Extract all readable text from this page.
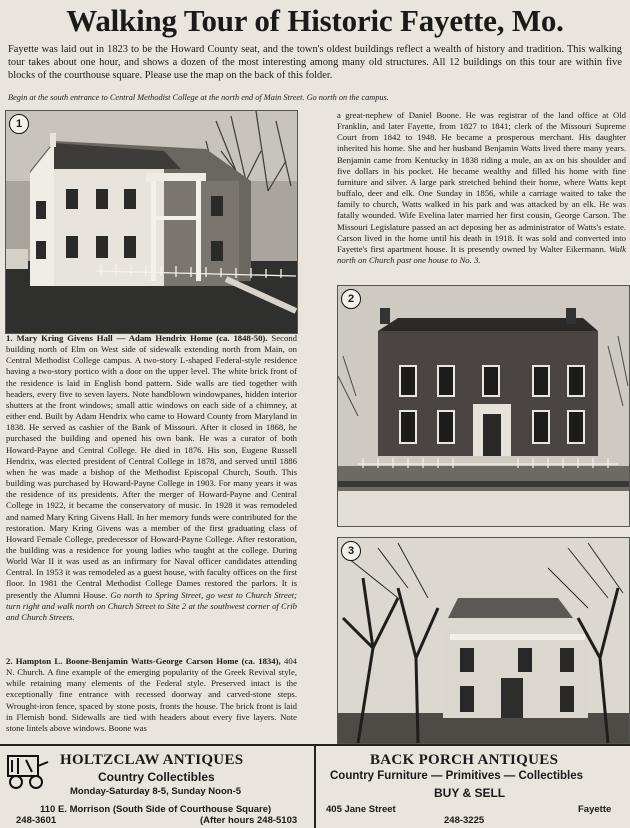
Walking Tour of Historic Fayette, Mo.

Fayette was laid out in 1823 to be the Howard County seat, and the town's oldest buildings reflect a wealth of history and tradition. This walking tour takes about one hour, and shows a dozen of the most interesting among many old structures. All 12 buildings on this tour are within five blocks of the courthouse square. Please use the map on the back of this folder.

Begin at the south entrance to Central Methodist College at the north end of Main Street. Go north on the campus.

1
2
3
1. Mary Kring Givens Hall — Adam Hendrix Home (ca. 1848-50). Second building north of Elm on West side of sidewalk extending north from Main, on Central Methodist College campus. A two-story L-shaped Federal-style residence having a two-story portico with a door on the upper level. The white brick front of the residence is laid in English bond pattern. Side walls are tied together with headers, every five to seven layers. Note handblown windowpanes, hidden interior shutters at the front windows; small attic windows on each side of a chimney, at either end. Built by Adam Hendrix who came to Howard County from Maryland in 1838. He served as cashier of the Bank of Missouri. After it closed in 1868, he purchased the building and opened his own bank. He was a curator of both Howard-Payne and Central College. He died in 1876. His son, Eugene Russell Hendrix, was elected president of Central College in 1878, and served until 1886 when he was made a bishop of the Methodist Episcopal Church, South. This building was purchased by Howard-Payne College in 1903. For many years it was the residence of its presidents. After the merger of Howard-Payne and Central College in 1922, it became the conservatory of music. In 1928 it was remodeled and named Mary Kring Givens Hall. In her memory funds were contributed for the restoration. Mary Kring Givens was a member of the first graduating class of Howard Female College, predecessor of Howard-Payne College. After restoration, the building was a residence for young ladies who taught at the college. During World War II it was used as an infirmary for Naval officer candidates attending Central. In 1953 it was remodeled as a guest house, with faculty offices on the first floor. In 1981 the Central Methodist College Dames restored the parlors. It is presently the Alumni House. Go north to Spring Street, go west to Church Street; turn right and walk north on Church Street to Site 2 at the southwest corner of Crib and Church Streets.
2. Hampton L. Boone-Benjamin Watts-George Carson Home (ca. 1834), 404 N. Church. A fine example of the emerging popularity of the Greek Revival style, while retaining many elements of the Federal style. Preserved intact is the exceptionally fine entrance with recessed doorway and carved-stone steps. Wrought-iron fence, spaced by stone posts, fronts the house. The brick front is laid in Flemish bond. Sidewalls are tied with headers about every five layers. Note stone lintels above windows. Boone was
a great-nephew of Daniel Boone. He was registrar of the land office at Old Franklin, and later Fayette, from 1827 to 1841; clerk of the Missouri Supreme Court from 1842 to 1948. He became a prosperous merchant. His daughter inherited his home. She and her husband Benjamin Watts lived there many years. Benjamin came from Kentucky in 1838 riding a mule, an ax on his shoulder and five dollars in his pocket. He became wealthy and filled his home with fine furniture and silver. A large park stretched behind their home, where Watts kept buffalo, deer and elk. One Sunday in 1856, while a carriage waited to take the family to church, Watts walked in his park and was attacked by an elk. He was fatally wounded. Wife Evelina later married her first cousin, George Carson. The Missouri Legislature passed an act deposing her as administrator of Watts's estate. Carson lived in the home until his death in 1918. It was sold and converted into Fayette's first apartment house. It is presently owned by Walter Eikermann. Walk north on Church past one house to No. 3.
HOLTZCLAW ANTIQUES
Country Collectibles
Monday-Saturday 8-5, Sunday Noon-5
110 E. Morrison (South Side of Courthouse Square)
248-3601	(After hours 248-5103
BACK PORCH ANTIQUES
Country Furniture — Primitives — Collectibles
BUY & SELL
405 Jane Street	Fayette
248-3225
